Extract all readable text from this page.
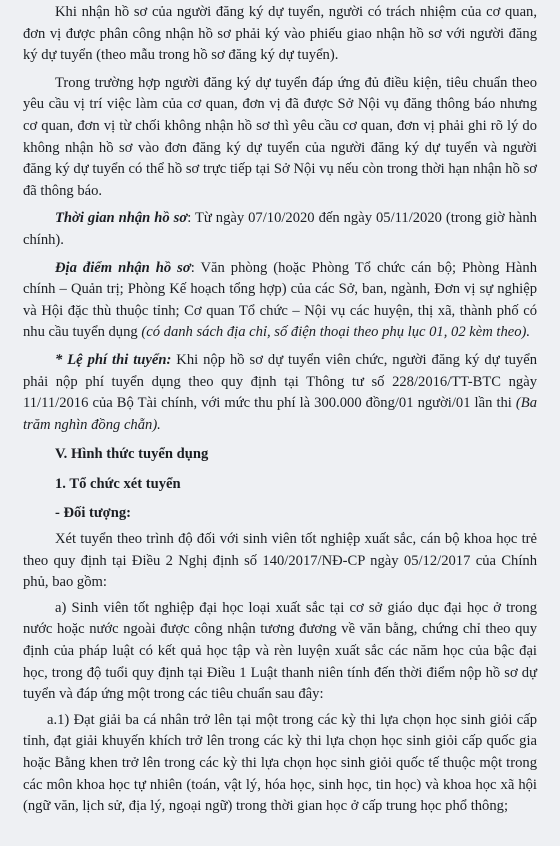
Khi nhận hồ sơ của người đăng ký dự tuyển, người có trách nhiệm của cơ quan, đơn vị được phân công nhận hồ sơ phải ký vào phiếu giao nhận hồ sơ với người đăng ký dự tuyển (theo mẫu trong hồ sơ đăng ký dự tuyển).

Trong trường hợp người đăng ký dự tuyển đáp ứng đủ điều kiện, tiêu chuẩn theo yêu cầu vị trí việc làm của cơ quan, đơn vị đã được Sở Nội vụ đăng thông báo nhưng cơ quan, đơn vị từ chối không nhận hồ sơ thì yêu cầu cơ quan, đơn vị phải ghi rõ lý do không nhận hồ sơ vào đơn đăng ký dự tuyển của người đăng ký dự tuyển và người đăng ký dự tuyển có thể hồ sơ trực tiếp tại Sở Nội vụ nếu còn trong thời hạn nhận hồ sơ đã thông báo.

Thời gian nhận hồ sơ: Từ ngày 07/10/2020 đến ngày 05/11/2020 (trong giờ hành chính).

Địa điểm nhận hồ sơ: Văn phòng (hoặc Phòng Tổ chức cán bộ; Phòng Hành chính – Quản trị; Phòng Kế hoạch tổng hợp) của các Sở, ban, ngành, Đơn vị sự nghiệp và Hội đặc thù thuộc tỉnh; Cơ quan Tổ chức – Nội vụ các huyện, thị xã, thành phố có nhu cầu tuyển dụng (có danh sách địa chỉ, số điện thoại theo phụ lục 01, 02 kèm theo).

* Lệ phí thi tuyển: Khi nộp hồ sơ dự tuyển viên chức, người đăng ký dự tuyển phải nộp phí tuyển dụng theo quy định tại Thông tư số 228/2016/TT-BTC ngày 11/11/2016 của Bộ Tài chính, với mức thu phí là 300.000 đồng/01 người/01 lần thi (Ba trăm nghìn đồng chẵn).

V. Hình thức tuyển dụng

1. Tổ chức xét tuyển

- Đối tượng:

Xét tuyển theo trình độ đối với sinh viên tốt nghiệp xuất sắc, cán bộ khoa học trẻ theo quy định tại Điều 2 Nghị định số 140/2017/NĐ-CP ngày 05/12/2017 của Chính phủ, bao gồm:

a) Sinh viên tốt nghiệp đại học loại xuất sắc tại cơ sở giáo dục đại học ở trong nước hoặc nước ngoài được công nhận tương đương về văn bằng, chứng chỉ theo quy định của pháp luật có kết quả học tập và rèn luyện xuất sắc các năm học của bậc đại học, trong độ tuổi quy định tại Điều 1 Luật thanh niên tính đến thời điểm nộp hồ sơ dự tuyển và đáp ứng một trong các tiêu chuẩn sau đây:

a.1) Đạt giải ba cá nhân trở lên tại một trong các kỳ thi lựa chọn học sinh giỏi cấp tỉnh, đạt giải khuyến khích trở lên trong các kỳ thi lựa chọn học sinh giỏi cấp quốc gia hoặc Bằng khen trở lên trong các kỳ thi lựa chọn học sinh giỏi quốc tế thuộc một trong các môn khoa học tự nhiên (toán, vật lý, hóa học, sinh học, tin học) và khoa học xã hội (ngữ văn, lịch sử, địa lý, ngoại ngữ) trong thời gian học ở cấp trung học phổ thông;
